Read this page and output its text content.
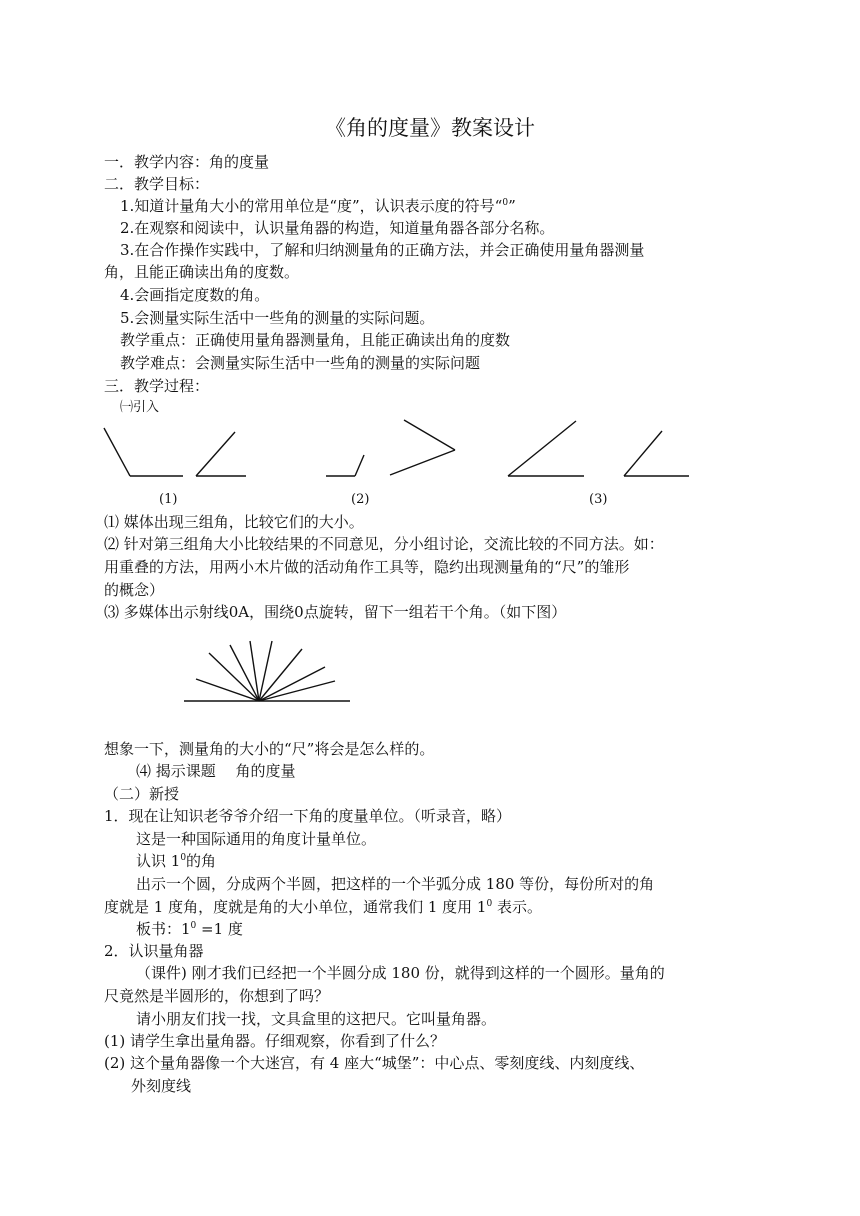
《角的度量》教案设计
一．教学内容：角的度量
二．教学目标：
1.知道计量角大小的常用单位是“度”，认识表示度的符号“$^0$”
2.在观察和阅读中，认识量角器的构造，知道量角器各部分名称。
3.在合作操作实践中，了解和归纳测量角的正确方法，并会正确使用量角器测量
角，且能正确读出角的度数。
4.会画指定度数的角。
5.会测量实际生活中一些角的测量的实际问题。
教学重点：正确使用量角器测量角，且能正确读出角的度数
教学难点：会测量实际生活中一些角的测量的实际问题
三．教学过程：
㈠引入
(1)	(2)	(3)
⑴ 媒体出现三组角，比较它们的大小。
⑵ 针对第三组角大小比较结果的不同意见，分小组讨论，交流比较的不同方法。如：
用重叠的方法，用两小木片做的活动角作工具等，隐约出现测量角的“尺”的雏形
的概念）
⑶ 多媒体出示射线0A，围绕0点旋转，留下一组若干个角。（如下图）
想象一下，测量角的大小的“尺”将会是怎么样的。
⑷ 揭示课题　 角的度量
（二）新授
1．现在让知识老爷爷介绍一下角的度量单位。（听录音，略）
这是一种国际通用的角度计量单位。
认识 $1^0$的角
出示一个圆，分成两个半圆，把这样的一个半弧分成 180 等份，每份所对的角
度就是 1 度角，度就是角的大小单位，通常我们 1 度用 $1^0$ 表示。
板书：$1^0 =1$ 度
2．认识量角器
（课件) 刚才我们已经把一个半圆分成 180 份，就得到这样的一个圆形。量角的
尺竟然是半圆形的，你想到了吗？
请小朋友们找一找，文具盒里的这把尺。它叫量角器。
(1) 请学生拿出量角器。仔细观察，你看到了什么？
(2) 这个量角器像一个大迷宫，有 4 座大“城堡”：中心点、零刻度线、内刻度线、
外刻度线
